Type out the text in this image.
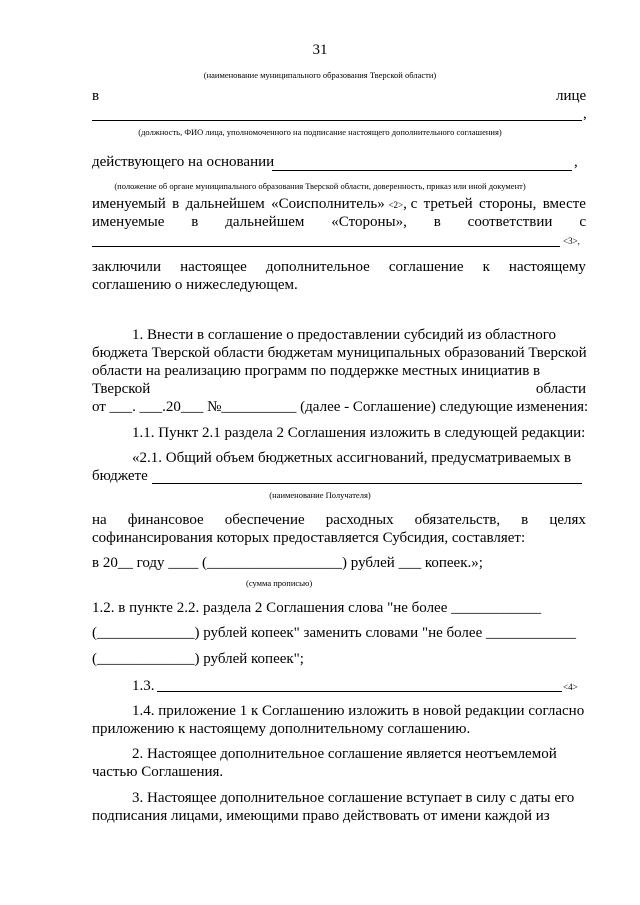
31
(наименование муниципального образования Тверской области)
в	лице
,
(должность, ФИО лица, уполномоченного на подписание настоящего дополнительного соглашения)
действующего на основании	,
(положение об органе муниципального образования Тверской области, доверенность, приказ или иной документ)
именуемый в дальнейшем «Соисполнитель» <2>, с третьей стороны, вместе
именуемые в дальнейшем «Стороны», в соответствии с
<3>,
заключили настоящее дополнительное соглашение к настоящему
соглашению о нижеследующем.
1. Внести в соглашение о предоставлении субсидий из областного
бюджета Тверской области бюджетам муниципальных образований Тверской
области на реализацию программ по поддержке местных инициатив в
Тверской	области
от ___. ___.20___ №__________ (далее - Соглашение) следующие изменения:
1.1. Пункт 2.1 раздела 2 Соглашения изложить в следующей редакции:
«2.1. Общий объем бюджетных ассигнований, предусматриваемых в
бюджете
(наименование Получателя)
на финансовое обеспечение расходных обязательств, в целях
софинансирования которых предоставляется Субсидия, составляет:
в 20__ году ____ (__________________) рублей ___ копеек.»;
(сумма прописью)
1.2. в пункте 2.2. раздела 2 Соглашения слова "не более ____________
(_____________) рублей копеек" заменить словами "не более ____________
(_____________) рублей копеек";
1.3.	<4>
1.4. приложение 1 к Соглашению изложить в новой редакции согласно
приложению к настоящему дополнительному соглашению.
2. Настоящее дополнительное соглашение является неотъемлемой
частью Соглашения.
3. Настоящее дополнительное соглашение вступает в силу с даты его
подписания лицами, имеющими право действовать от имени каждой из
